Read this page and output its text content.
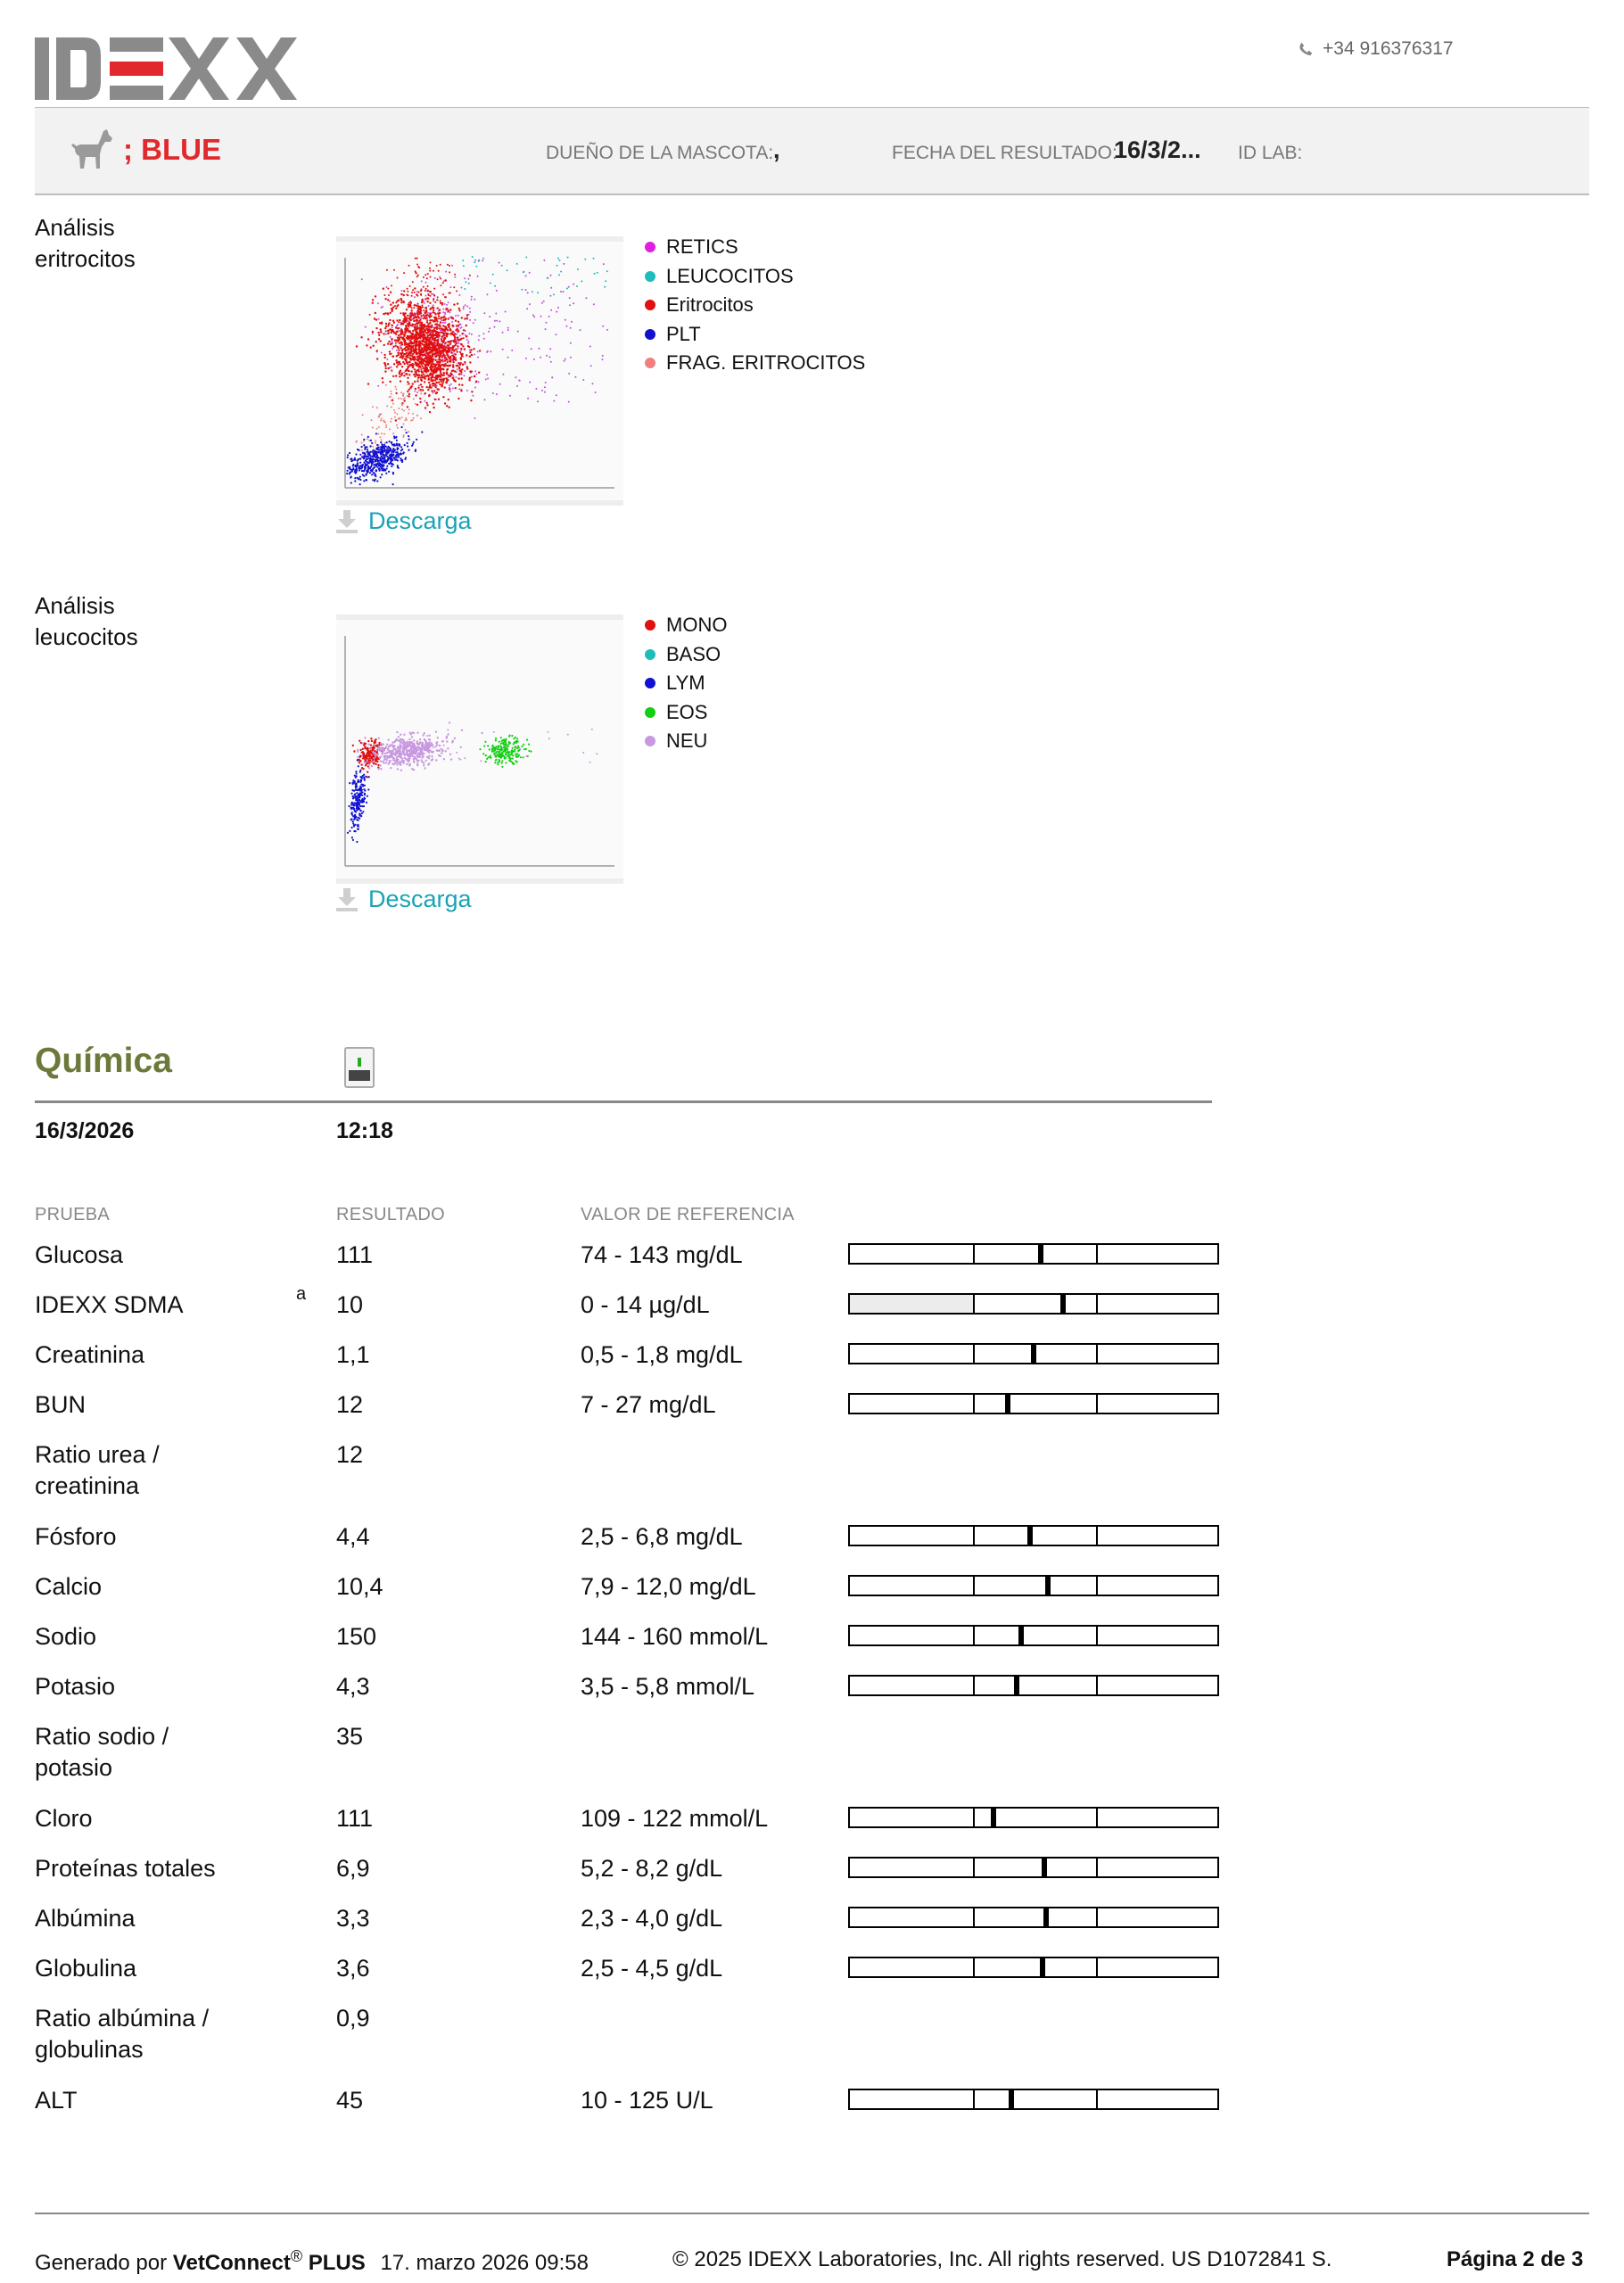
+34 916376317
; BLUE	DUEÑO DE LA MASCOTA: ,	FECHA DEL RESULTADO:
16/3/2... ID LAB:
Análisis
eritrocitos	RETICS
LEUCOCITOS
Eritrocitos
PLT
FRAG. ERITROCITOS
Descarga
Análisis
leucocitos	MONO
BASO
LYM
EOS
NEU
Descarga
Química
16/3/2026	12:18
PRUEBA	RESULTADO	VALOR DE REFERENCIA
Glucosa	111	74 - 143 mg/dL
IDEXX SDMA	a 10	0 - 14 µg/dL
Creatinina	1,1	0,5 - 1,8 mg/dL
BUN	12	7 - 27 mg/dL
Ratio urea /
creatinina
12
Fósforo	4,4	2,5 - 6,8 mg/dL
Calcio	10,4	7,9 - 12,0 mg/dL
Sodio	150	144 - 160 mmol/L
Potasio	4,3	3,5 - 5,8 mmol/L
Ratio sodio /
potasio
35
Cloro	111	109 - 122 mmol/L
Proteínas totales	6,9	5,2 - 8,2 g/dL
Albúmina	3,3	2,3 - 4,0 g/dL
Globulina	3,6	2,5 - 4,5 g/dL
Ratio albúmina /
globulinas
0,9
ALT	45	10 - 125 U/L
Generado por VetConnect® PLUS 17. marzo 2026 09:58	© 2025 IDEXX Laboratories, Inc. All rights reserved. US D1072841 S.	Página 2 de 3
